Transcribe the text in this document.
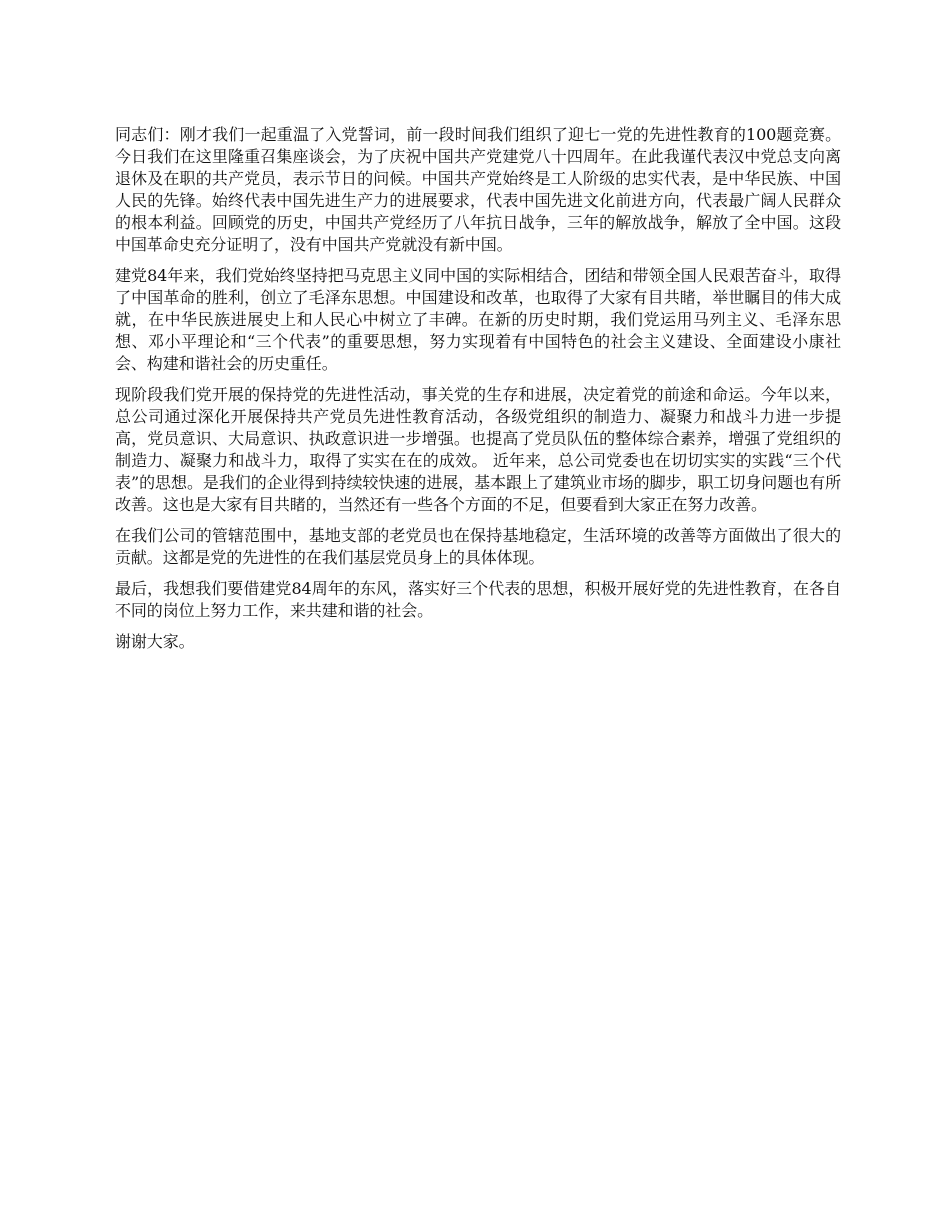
同志们：刚才我们一起重温了入党誓词，前一段时间我们组织了迎七一党的先进性教育的100题竞赛。今日我们在这里隆重召集座谈会，为了庆祝中国共产党建党八十四周年。在此我谨代表汉中党总支向离退休及在职的共产党员，表示节日的问候。中国共产党始终是工人阶级的忠实代表，是中华民族、中国人民的先锋。始终代表中国先进生产力的进展要求，代表中国先进文化前进方向，代表最广阔人民群众的根本利益。回顾党的历史，中国共产党经历了八年抗日战争，三年的解放战争，解放了全中国。这段中国革命史充分证明了，没有中国共产党就没有新中国。

建党84年来，我们党始终坚持把马克思主义同中国的实际相结合，团结和带领全国人民艰苦奋斗，取得了中国革命的胜利，创立了毛泽东思想。中国建设和改革，也取得了大家有目共睹，举世瞩目的伟大成就，在中华民族进展史上和人民心中树立了丰碑。在新的历史时期，我们党运用马列主义、毛泽东思想、邓小平理论和“三个代表”的重要思想，努力实现着有中国特色的社会主义建设、全面建设小康社会、构建和谐社会的历史重任。

现阶段我们党开展的保持党的先进性活动，事关党的生存和进展，决定着党的前途和命运。今年以来，总公司通过深化开展保持共产党员先进性教育活动，各级党组织的制造力、凝聚力和战斗力进一步提高，党员意识、大局意识、执政意识进一步增强。也提高了党员队伍的整体综合素养，增强了党组织的制造力、凝聚力和战斗力，取得了实实在在的成效。 近年来，总公司党委也在切切实实的实践“三个代表”的思想。是我们的企业得到持续较快速的进展，基本跟上了建筑业市场的脚步，职工切身问题也有所改善。这也是大家有目共睹的，当然还有一些各个方面的不足，但要看到大家正在努力改善。

在我们公司的管辖范围中，基地支部的老党员也在保持基地稳定，生活环境的改善等方面做出了很大的贡献。这都是党的先进性的在我们基层党员身上的具体体现。

最后，我想我们要借建党84周年的东风，落实好三个代表的思想，积极开展好党的先进性教育，在各自不同的岗位上努力工作，来共建和谐的社会。

谢谢大家。
